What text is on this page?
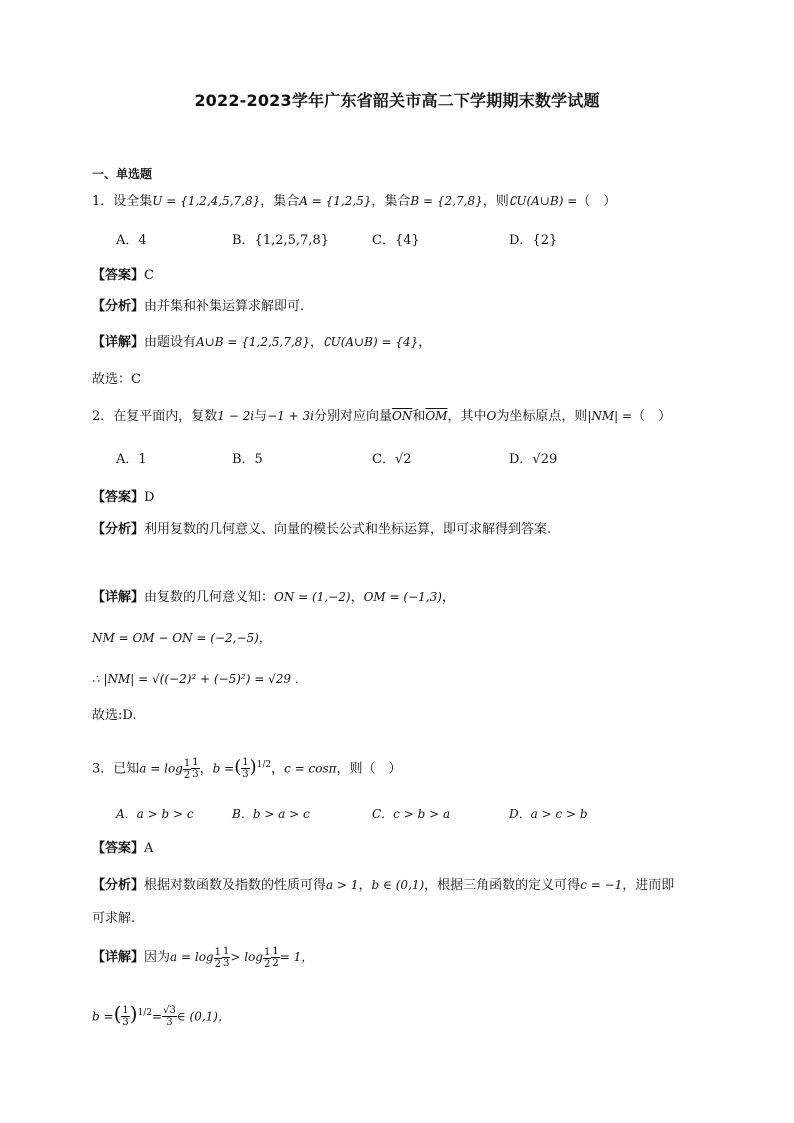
2022-2023学年广东省韶关市高二下学期期末数学试题
一、单选题
1．设全集U = {1,2,4,5,7,8}，集合A = {1,2,5}，集合B = {2,7,8}，则∁U(A∪B) =（　）
A．4	B．{1,2,5,7,8}	C．{4}	D．{2}
【答案】C
【分析】由并集和补集运算求解即可.
【详解】由题设有A∪B = {1,2,5,7,8}，∁U(A∪B) = {4}，
故选：C
2．在复平面内，复数1 − 2i与−1 + 3i分别对应向量$\overline{ON}$和$\overline{OM}$，其中O为坐标原点，则|NM| =（　）
A．1	B．5	C．√2	D．√29
【答案】D
【分析】利用复数的几何意义、向量的模长公式和坐标运算，即可求解得到答案.
【详解】由复数的几何意义知：ON = (1,−2)，OM = (−1,3)，
NM = OM − ON = (−2,−5)，
∴ |NM| = √((−2)² + (−5)²) = √29 .
故选:D.
3．已知$a = \log _{\frac{1}{2}} \frac{1}{3}$ ，b =( $\frac{1}{3} )^{1/2}$，c = cosπ，则（　）
A．a > b > c	B．b > a > c	C．c > b > a	D．a > c > b
【答案】A
【分析】根据对数函数及指数的性质可得a > 1，b ∈ (0,1)，根据三角函数的定义可得c = −1，进而即
可求解.
【详解】因为$a = \log _{\frac{1}{2}} \frac{1}{3} > \log _{\frac{1}{2}} \frac{1}{2} = 1$，
b =( $\frac{1}{3} )^{1/2}= \frac{√3}{3}$ ∈ (0,1)，
